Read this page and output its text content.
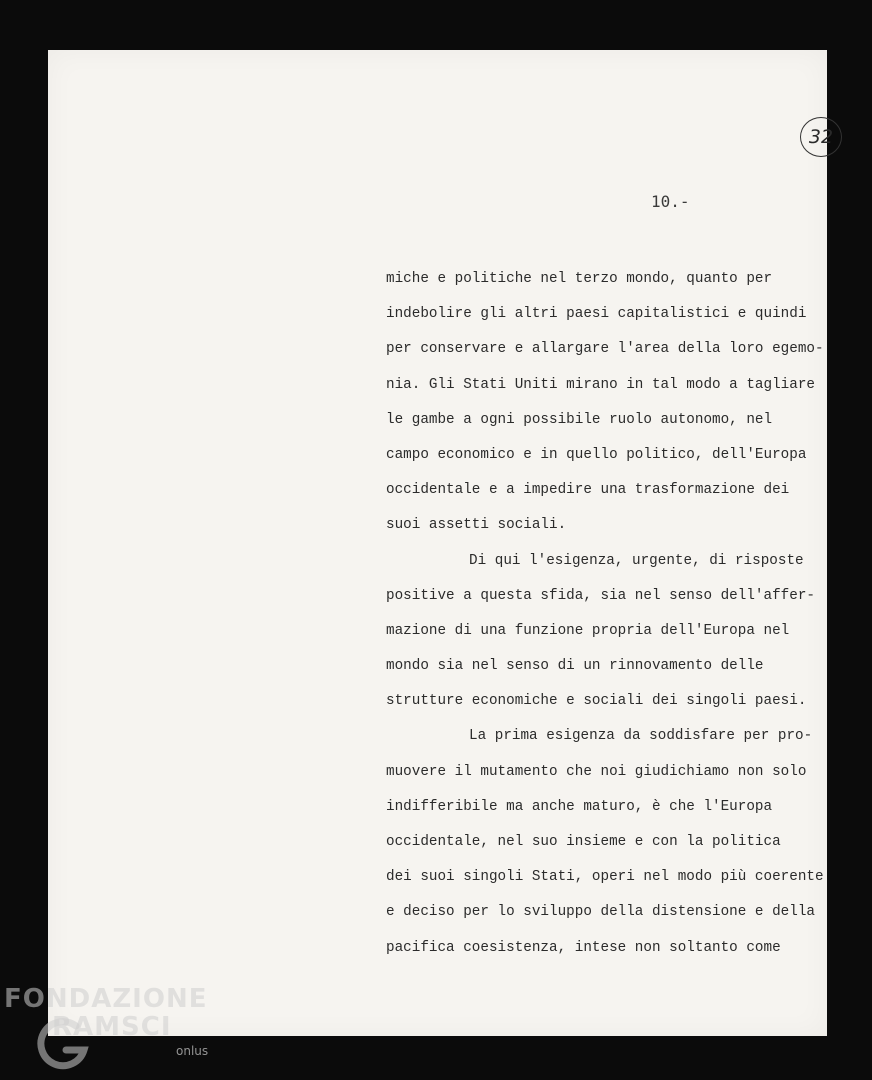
32
10.-
miche e politiche nel terzo mondo, quanto per
indebolire gli altri paesi capitalistici e quindi
per conservare e allargare l'area della loro egemo-
nia. Gli Stati Uniti mirano in tal modo a tagliare
le gambe a ogni possibile ruolo autonomo, nel
campo economico e in quello politico, dell'Europa
occidentale e a impedire una trasformazione dei
suoi assetti sociali.
Di qui l'esigenza, urgente, di risposte
positive a questa sfida, sia nel senso dell'affer-
mazione di una funzione propria dell'Europa nel
mondo sia nel senso di un rinnovamento delle
strutture economiche e sociali dei singoli paesi.
La prima esigenza da soddisfare per pro-
muovere il mutamento che noi giudichiamo non solo
indifferibile ma anche maturo, è che l'Europa
occidentale, nel suo insieme e con la politica
dei suoi singoli Stati, operi nel modo più coerente
e deciso per lo sviluppo della distensione e della
pacifica coesistenza, intese non soltanto come
FONDAZIONE
RAMSCI
onlus
